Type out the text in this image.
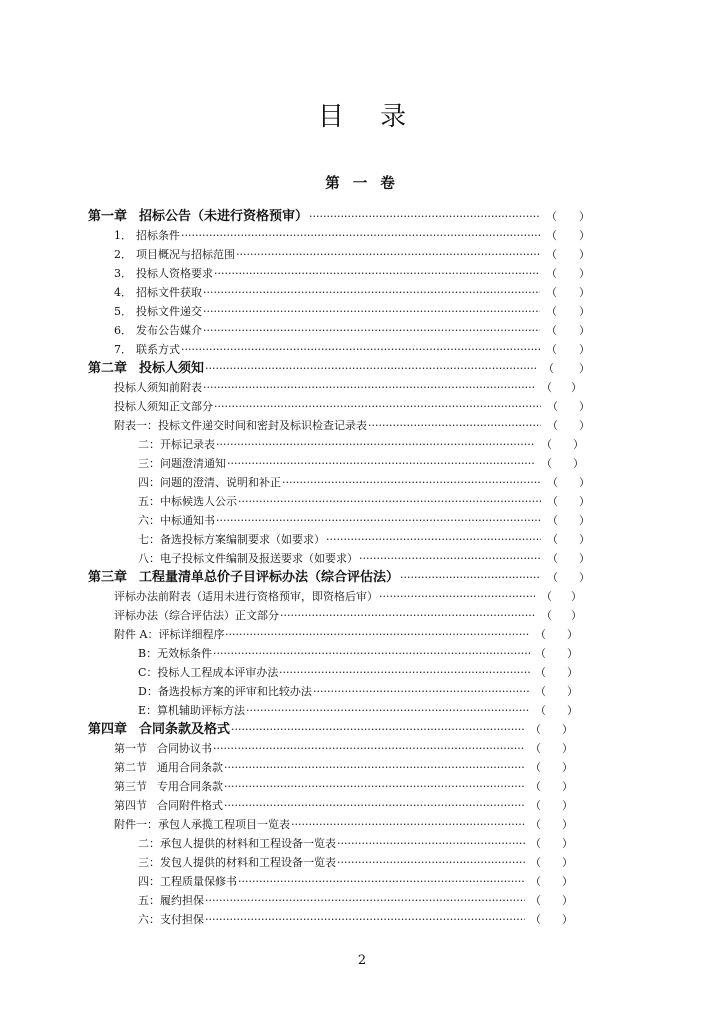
目 录
第 一 卷
第一章 招标公告（未进行资格预审） ·····	（ ）
1． 招标条件 ·····	（ ）
2． 项目概况与招标范围 ·····	（ ）
3． 投标人资格要求 ·····	（ ）
4． 招标文件获取 ·····	（ ）
5． 投标文件递交 ·····	（ ）
6． 发布公告媒介 ·····	（ ）
7． 联系方式 ·····	（ ）
第二章 投标人须知 ·····	（ ）
投标人须知前附表 ·····	（ ）
投标人须知正文部分 ·····	（ ）
附表一：投标文件递交时间和密封及标识检查记录表 ·····	（ ）
二：开标记录表 ·····	（ ）
三：问题澄清通知 ·····	（ ）
四：问题的澄清、说明和补正 ·····	（ ）
五：中标候选人公示 ·····	（ ）
六：中标通知书 ·····	（ ）
七：备选投标方案编制要求（如要求） ·····	（ ）
八：电子投标文件编制及报送要求（如要求） ·····	（ ）
第三章 工程量清单总价子目评标办法（综合评估法） ·····	（ ）
评标办法前附表（适用未进行资格预审，即资格后审） ·····	（ ）
评标办法（综合评估法）正文部分 ·····	（ ）
附件 A：评标详细程序 ·····	（ ）
B：无效标条件 ·····	（ ）
C：投标人工程成本评审办法 ·····	（ ）
D：备选投标方案的评审和比较办法 ·····	（ ）
E：算机辅助评标方法 ·····	（ ）
第四章 合同条款及格式 ·····	（ ）
第一节 合同协议书 ·····	（ ）
第二节 通用合同条款 ·····	（ ）
第三节 专用合同条款 ·····	（ ）
第四节 合同附件格式 ·····	（ ）
附件一：承包人承揽工程项目一览表 ·····	（ ）
二：承包人提供的材料和工程设备一览表 ·····	（ ）
三：发包人提供的材料和工程设备一览表 ·····	（ ）
四：工程质量保修书 ·····	（ ）
五：履约担保 ·····	（ ）
六：支付担保 ·····	（ ）
2
